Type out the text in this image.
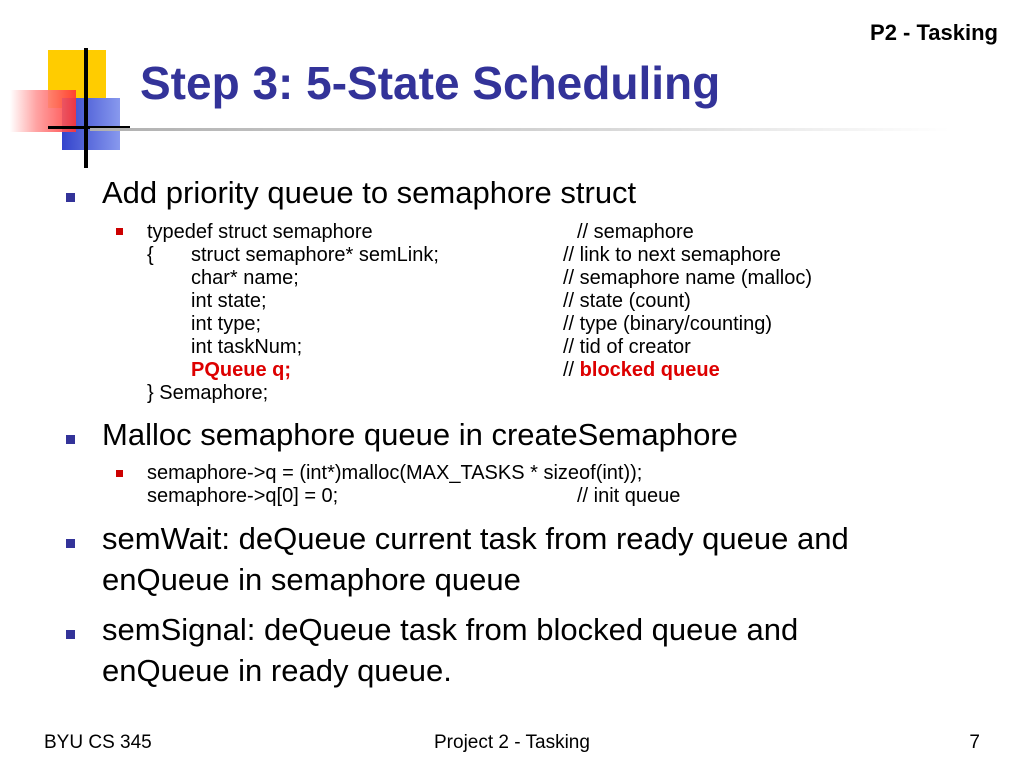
P2 - Tasking
Step 3: 5-State Scheduling
Add priority queue to semaphore struct
typedef struct semaphore	// semaphore
{ struct semaphore* semLink;	// link to next semaphore
char* name;	// semaphore name (malloc)
int state;	// state (count)
int type;	// type (binary/counting)
int taskNum;	// tid of creator
PQueue q;	// blocked queue
} Semaphore;
Malloc semaphore queue in createSemaphore
semaphore->q = (int*)malloc(MAX_TASKS * sizeof(int));
semaphore->q[0] = 0;	// init queue
semWait: deQueue current task from ready queue and
enQueue in semaphore queue
semSignal: deQueue task from blocked queue and
enQueue in ready queue.
BYU CS 345	Project 2 - Tasking	7
